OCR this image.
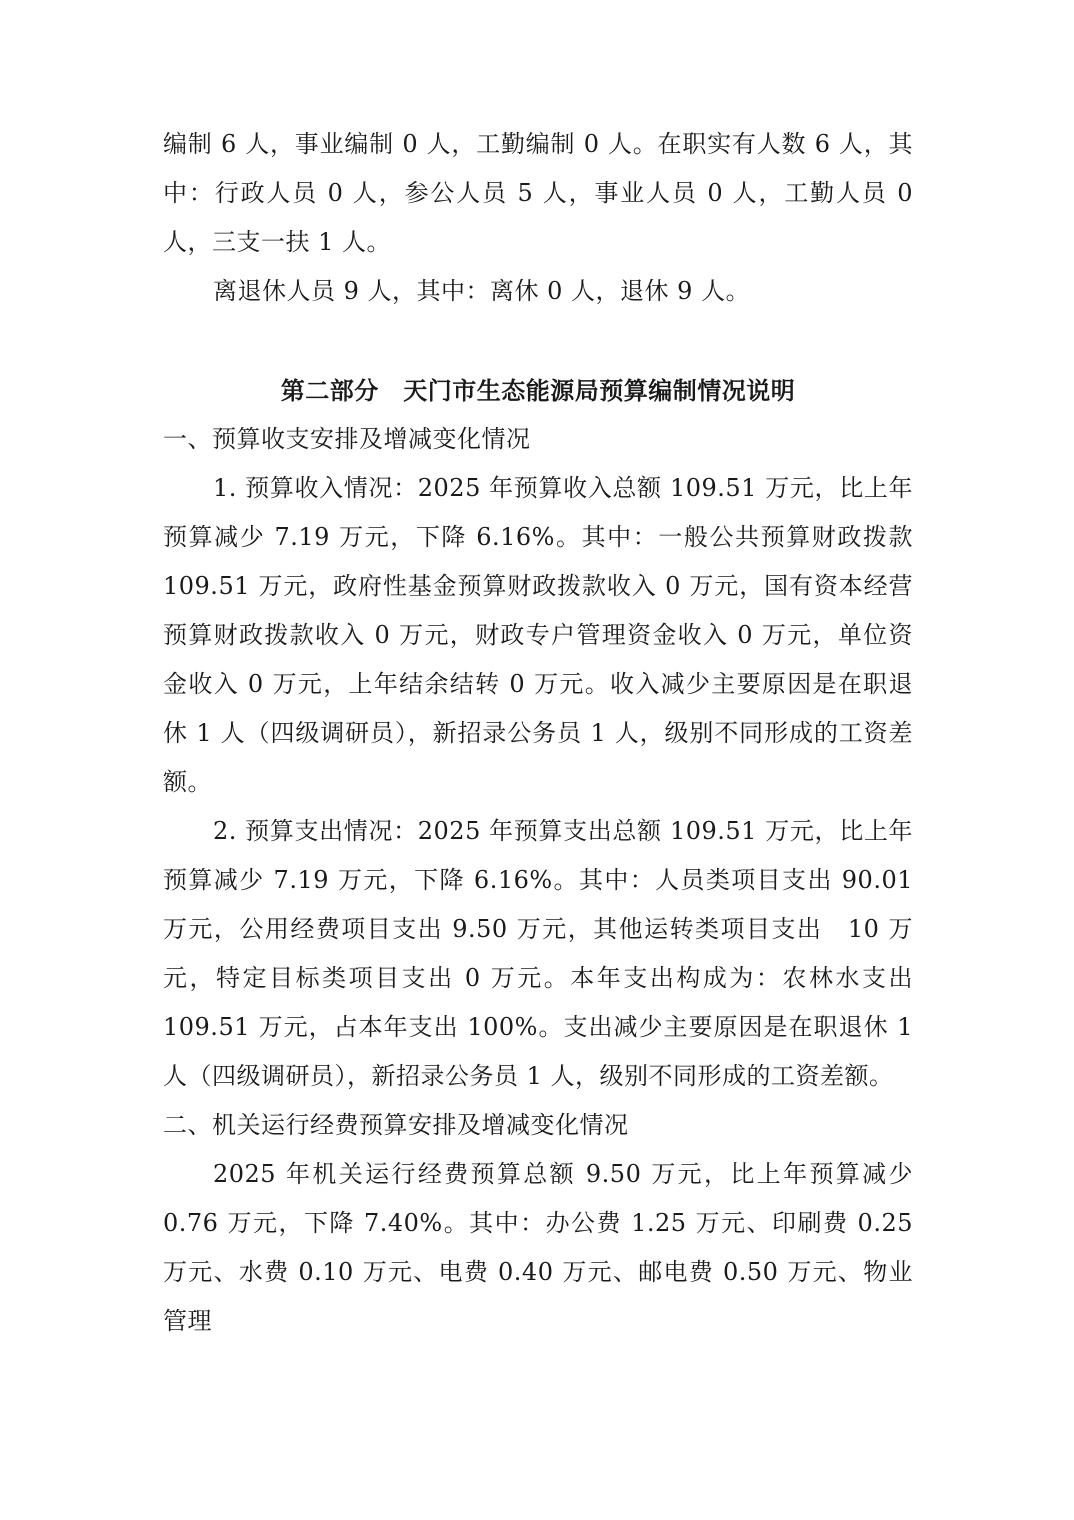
编制 6 人，事业编制 0 人，工勤编制 0 人。在职实有人数 6 人，其中：行政人员 0 人，参公人员 5 人，事业人员 0 人，工勤人员 0 人，三支一扶 1 人。

离退休人员 9 人，其中：离休 0 人，退休 9 人。

第二部分　天门市生态能源局预算编制情况说明

一、预算收支安排及增减变化情况

1. 预算收入情况：2025 年预算收入总额 109.51 万元，比上年预算减少 7.19 万元，下降 6.16%。其中：一般公共预算财政拨款 109.51 万元，政府性基金预算财政拨款收入 0 万元，国有资本经营预算财政拨款收入 0 万元，财政专户管理资金收入 0 万元，单位资金收入 0 万元，上年结余结转 0 万元。收入减少主要原因是在职退休 1 人（四级调研员），新招录公务员 1 人，级别不同形成的工资差额。

2. 预算支出情况：2025 年预算支出总额 109.51 万元，比上年预算减少 7.19 万元，下降 6.16%。其中：人员类项目支出 90.01 万元，公用经费项目支出 9.50 万元，其他运转类项目支出　10 万元，特定目标类项目支出 0 万元。本年支出构成为：农林水支出 109.51 万元，占本年支出 100%。支出减少主要原因是在职退休 1 人（四级调研员），新招录公务员 1 人，级别不同形成的工资差额。

二、机关运行经费预算安排及增减变化情况

2025 年机关运行经费预算总额 9.50 万元，比上年预算减少 0.76 万元，下降 7.40%。其中：办公费 1.25 万元、印刷费 0.25 万元、水费 0.10 万元、电费 0.40 万元、邮电费 0.50 万元、物业管理
